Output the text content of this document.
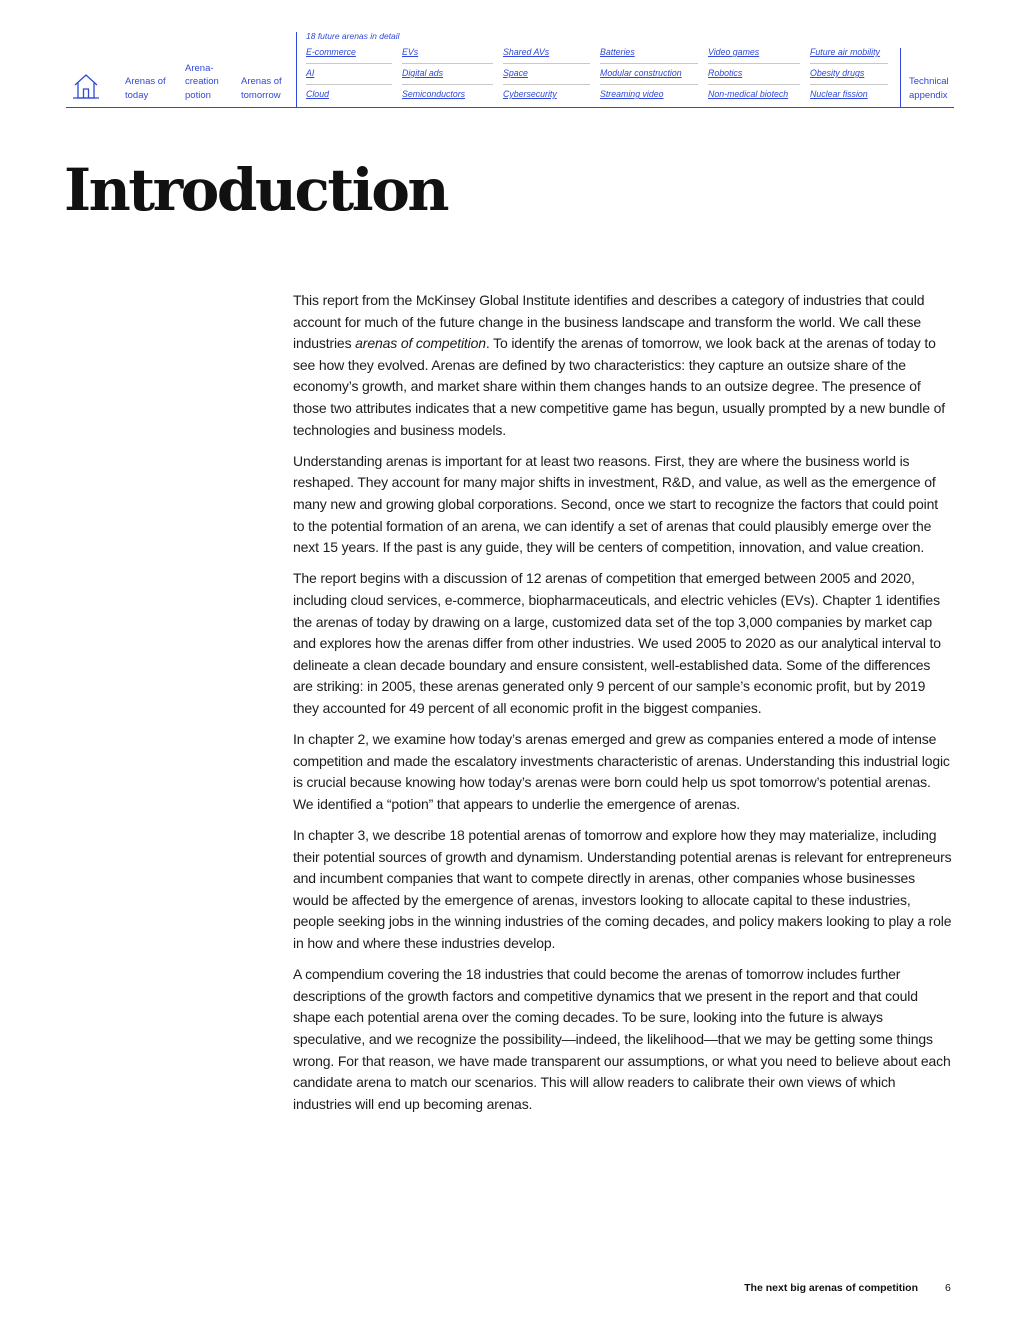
Arenas of today
Arena-creation potion
Arenas of tomorrow
18 future arenas in detail
E-commerce	EVs	Shared AVs	Batteries	Video games	Future air mobility
AI	Digital ads	Space	Modular construction	Robotics	Obesity drugs
Cloud	Semiconductors	Cybersecurity	Streaming video	Non-medical biotech	Nuclear fission
Technical appendix
Introduction

This report from the McKinsey Global Institute identifies and describes a category of industries that could account for much of the future change in the business landscape and transform the world. We call these industries arenas of competition. To identify the arenas of tomorrow, we look back at the arenas of today to see how they evolved. Arenas are defined by two characteristics: they capture an outsize share of the economy’s growth, and market share within them changes hands to an outsize degree. The presence of those two attributes indicates that a new competitive game has begun, usually prompted by a new bundle of technologies and business models.

Understanding arenas is important for at least two reasons. First, they are where the business world is reshaped. They account for many major shifts in investment, R&D, and value, as well as the emergence of many new and growing global corporations. Second, once we start to recognize the factors that could point to the potential formation of an arena, we can identify a set of arenas that could plausibly emerge over the next 15 years. If the past is any guide, they will be centers of competition, innovation, and value creation.

The report begins with a discussion of 12 arenas of competition that emerged between 2005 and 2020, including cloud services, e-commerce, biopharmaceuticals, and electric vehicles (EVs). Chapter 1 identifies the arenas of today by drawing on a large, customized data set of the top 3,000 companies by market cap and explores how the arenas differ from other industries. We used 2005 to 2020 as our analytical interval to delineate a clean decade boundary and ensure consistent, well-established data. Some of the differences are striking: in 2005, these arenas generated only 9 percent of our sample’s economic profit, but by 2019 they accounted for 49 percent of all economic profit in the biggest companies.

In chapter 2, we examine how today’s arenas emerged and grew as companies entered a mode of intense competition and made the escalatory investments characteristic of arenas. Understanding this industrial logic is crucial because knowing how today’s arenas were born could help us spot tomorrow’s potential arenas. We identified a “potion” that appears to underlie the emergence of arenas.

In chapter 3, we describe 18 potential arenas of tomorrow and explore how they may materialize, including their potential sources of growth and dynamism. Understanding potential arenas is relevant for entrepreneurs and incumbent companies that want to compete directly in arenas, other companies whose businesses would be affected by the emergence of arenas, investors looking to allocate capital to these industries, people seeking jobs in the winning industries of the coming decades, and policy makers looking to play a role in how and where these industries develop.

A compendium covering the 18 industries that could become the arenas of tomorrow includes further descriptions of the growth factors and competitive dynamics that we present in the report and that could shape each potential arena over the coming decades. To be sure, looking into the future is always speculative, and we recognize the possibility—indeed, the likelihood—that we may be getting some things wrong. For that reason, we have made transparent our assumptions, or what you need to believe about each candidate arena to match our scenarios. This will allow readers to calibrate their own views of which industries will end up becoming arenas.

The next big arenas of competition	6
